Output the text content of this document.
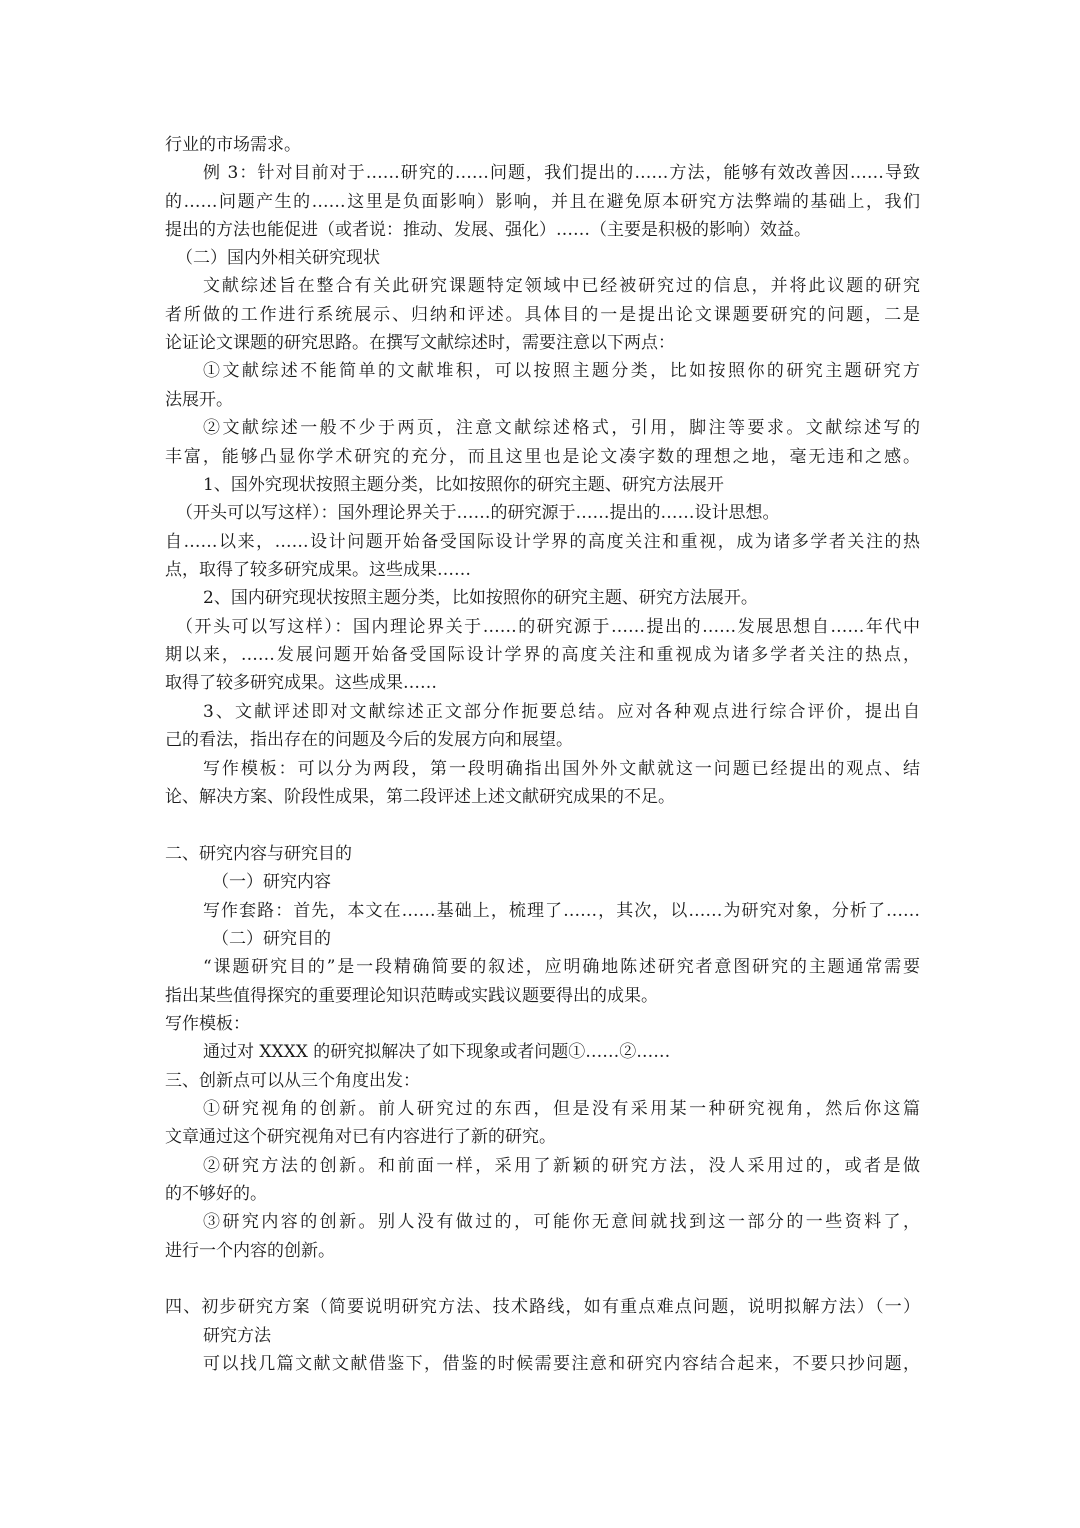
行业的市场需求。
例 3：针对目前对于……研究的……问题，我们提出的……方法，能够有效改善因……导致
的……问题产生的……这里是负面影响）影响，并且在避免原本研究方法弊端的基础上，我们
提出的方法也能促进（或者说：推动、发展、强化）……（主要是积极的影响）效益。
（二）国内外相关研究现状
文献综述旨在整合有关此研究课题特定领域中已经被研究过的信息，并将此议题的研究
者所做的工作进行系统展示、归纳和评述。具体目的一是提出论文课题要研究的问题，二是
论证论文课题的研究思路。在撰写文献综述时，需要注意以下两点：
①文献综述不能简单的文献堆积，可以按照主题分类，比如按照你的研究主题研究方
法展开。
②文献综述一般不少于两页，注意文献综述格式，引用，脚注等要求。文献综述写的
丰富，能够凸显你学术研究的充分，而且这里也是论文凑字数的理想之地，毫无违和之感。
1、国外究现状按照主题分类，比如按照你的研究主题、研究方法展开
（开头可以写这样）：国外理论界关于……的研究源于……提出的……设计思想。
自……以来，……设计问题开始备受国际设计学界的高度关注和重视，成为诸多学者关注的热
点，取得了较多研究成果。这些成果……
2、国内研究现状按照主题分类，比如按照你的研究主题、研究方法展开。
（开头可以写这样）：国内理论界关于……的研究源于……提出的……发展思想自……年代中
期以来，……发展问题开始备受国际设计学界的高度关注和重视成为诸多学者关注的热点，
取得了较多研究成果。这些成果……
3、文献评述即对文献综述正文部分作扼要总结。应对各种观点进行综合评价，提出自
己的看法，指出存在的问题及今后的发展方向和展望。
写作模板：可以分为两段，第一段明确指出国外外文献就这一问题已经提出的观点、结
论、解决方案、阶段性成果，第二段评述上述文献研究成果的不足。
二、研究内容与研究目的
（一）研究内容
写作套路：首先，本文在……基础上，梳理了……，其次，以……为研究对象，分析了……
（二）研究目的
“课题研究目的”是一段精确简要的叙述，应明确地陈述研究者意图研究的主题通常需要
指出某些值得探究的重要理论知识范畴或实践议题要得出的成果。
写作模板：
通过对 XXXX 的研究拟解决了如下现象或者问题①……②……
三、创新点可以从三个角度出发：
①研究视角的创新。前人研究过的东西，但是没有采用某一种研究视角，然后你这篇
文章通过这个研究视角对已有内容进行了新的研究。
②研究方法的创新。和前面一样，采用了新颖的研究方法，没人采用过的，或者是做
的不够好的。
③研究内容的创新。别人没有做过的，可能你无意间就找到这一部分的一些资料了，
进行一个内容的创新。
四、初步研究方案（简要说明研究方法、技术路线，如有重点难点问题，说明拟解方法）（一）
研究方法
可以找几篇文献文献借鉴下，借鉴的时候需要注意和研究内容结合起来，不要只抄问题，
